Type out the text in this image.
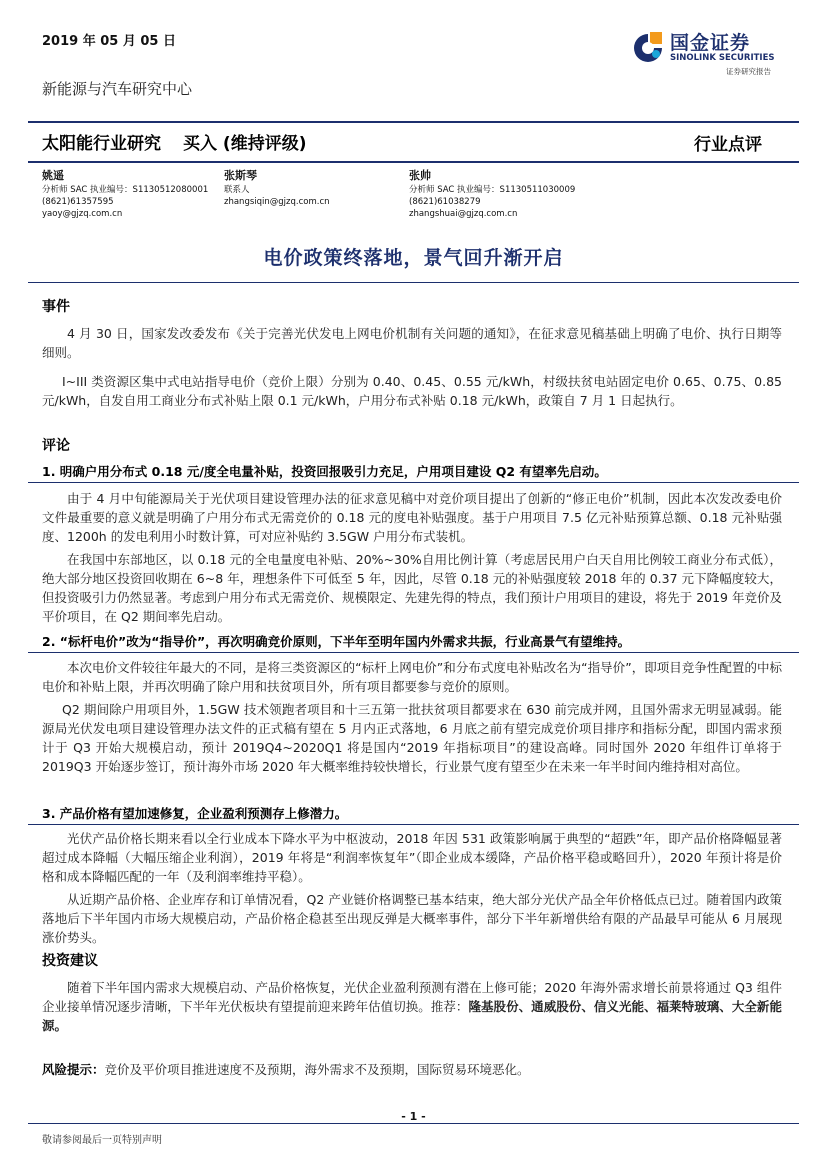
2019 年 05 月 05 日
新能源与汽车研究中心
国金证券
SINOLINK SECURITIES
证券研究报告
太阳能行业研究 买入 (维持评级)	行业点评
姚遥
分析师 SAC 执业编号：S1130512080001
(8621)61357595
yaoy@gjzq.com.cn
张斯琴
联系人
zhangsiqin@gjzq.com.cn
张帅
分析师 SAC 执业编号：S1130511030009
(8621)61038279
zhangshuai@gjzq.com.cn
电价政策终落地，景气回升渐开启
事件
4 月 30 日，国家发改委发布《关于完善光伏发电上网电价机制有关问题的通知》，在征求意见稿基础上明确了电价、执行日期等细则。
I~III 类资源区集中式电站指导电价（竞价上限）分别为 0.40、0.45、0.55 元/kWh，村级扶贫电站固定电价 0.65、0.75、0.85 元/kWh，自发自用工商业分布式补贴上限 0.1 元/kWh，户用分布式补贴 0.18 元/kWh，政策自 7 月 1 日起执行。
评论
1. 明确户用分布式 0.18 元/度全电量补贴，投资回报吸引力充足，户用项目建设 Q2 有望率先启动。
由于 4 月中旬能源局关于光伏项目建设管理办法的征求意见稿中对竞价项目提出了创新的“修正电价”机制，因此本次发改委电价文件最重要的意义就是明确了户用分布式无需竞价的 0.18 元的度电补贴强度。基于户用项目 7.5 亿元补贴预算总额、0.18 元补贴强度、1200h 的发电利用小时数计算，可对应补贴约 3.5GW 户用分布式装机。
在我国中东部地区，以 0.18 元的全电量度电补贴、20%~30%自用比例计算（考虑居民用户白天自用比例较工商业分布式低），绝大部分地区投资回收期在 6~8 年，理想条件下可低至 5 年，因此，尽管 0.18 元的补贴强度较 2018 年的 0.37 元下降幅度较大，但投资吸引力仍然显著。考虑到户用分布式无需竞价、规模限定、先建先得的特点，我们预计户用项目的建设，将先于 2019 年竞价及平价项目，在 Q2 期间率先启动。
2. “标杆电价”改为“指导价”，再次明确竞价原则，下半年至明年国内外需求共振，行业高景气有望维持。
本次电价文件较往年最大的不同，是将三类资源区的“标杆上网电价”和分布式度电补贴改名为“指导价”，即项目竞争性配置的中标电价和补贴上限，并再次明确了除户用和扶贫项目外，所有项目都要参与竞价的原则。
Q2 期间除户用项目外，1.5GW 技术领跑者项目和十三五第一批扶贫项目都要求在 630 前完成并网，且国外需求无明显减弱。能源局光伏发电项目建设管理办法文件的正式稿有望在 5 月内正式落地，6 月底之前有望完成竞价项目排序和指标分配，即国内需求预计于 Q3 开始大规模启动，预计 2019Q4~2020Q1 将是国内“2019 年指标项目”的建设高峰。同时国外 2020 年组件订单将于 2019Q3 开始逐步签订，预计海外市场 2020 年大概率维持较快增长，行业景气度有望至少在未来一年半时间内维持相对高位。
3. 产品价格有望加速修复，企业盈利预测存上修潜力。
光伏产品价格长期来看以全行业成本下降水平为中枢波动，2018 年因 531 政策影响属于典型的“超跌”年，即产品价格降幅显著超过成本降幅（大幅压缩企业利润），2019 年将是“利润率恢复年”（即企业成本缓降，产品价格平稳或略回升），2020 年预计将是价格和成本降幅匹配的一年（及利润率维持平稳）。
从近期产品价格、企业库存和订单情况看，Q2 产业链价格调整已基本结束，绝大部分光伏产品全年价格低点已过。随着国内政策落地后下半年国内市场大规模启动，产品价格企稳甚至出现反弹是大概率事件，部分下半年新增供给有限的产品最早可能从 6 月展现涨价势头。
投资建议
随着下半年国内需求大规模启动、产品价格恢复，光伏企业盈利预测有潜在上修可能；2020 年海外需求增长前景将通过 Q3 组件企业接单情况逐步清晰，下半年光伏板块有望提前迎来跨年估值切换。推荐：隆基股份、通威股份、信义光能、福莱特玻璃、大全新能源。
风险提示：竞价及平价项目推进速度不及预期，海外需求不及预期，国际贸易环境恶化。
- 1 -
敬请参阅最后一页特别声明
